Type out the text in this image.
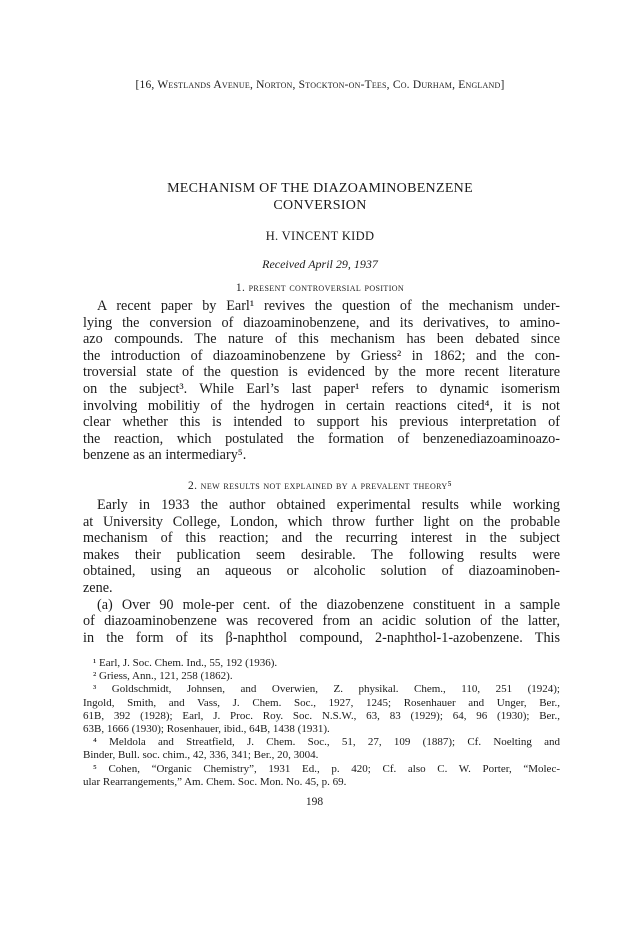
[16, Westlands Avenue, Norton, Stockton-on-Tees, Co. Durham, England]
MECHANISM OF THE DIAZOAMINOBENZENE
CONVERSION
H. VINCENT KIDD
Received April 29, 1937
1. present controversial position
A recent paper by Earl¹ revives the question of the mechanism under-
lying the conversion of diazoaminobenzene, and its derivatives, to amino-
azo compounds. The nature of this mechanism has been debated since
the introduction of diazoaminobenzene by Griess² in 1862; and the con-
troversial state of the question is evidenced by the more recent literature
on the subject³. While Earl’s last paper¹ refers to dynamic isomerism
involving mobilitiy of the hydrogen in certain reactions cited⁴, it is not
clear whether this is intended to support his previous interpretation of
the reaction, which postulated the formation of benzenediazoaminoazo-
benzene as an intermediary⁵.
2. new results not explained by a prevalent theory⁵
Early in 1933 the author obtained experimental results while working
at University College, London, which throw further light on the probable
mechanism of this reaction; and the recurring interest in the subject
makes their publication seem desirable. The following results were
obtained, using an aqueous or alcoholic solution of diazoaminoben-
zene.
(a) Over 90 mole-per cent. of the diazobenzene constituent in a sample
of diazoaminobenzene was recovered from an acidic solution of the latter,
in the form of its β-naphthol compound, 2-naphthol-1-azobenzene. This
¹ Earl, J. Soc. Chem. Ind., 55, 192 (1936).
² Griess, Ann., 121, 258 (1862).
³ Goldschmidt, Johnsen, and Overwien, Z. physikal. Chem., 110, 251 (1924);
Ingold, Smith, and Vass, J. Chem. Soc., 1927, 1245; Rosenhauer and Unger, Ber.,
61B, 392 (1928); Earl, J. Proc. Roy. Soc. N.S.W., 63, 83 (1929); 64, 96 (1930); Ber.,
63B, 1666 (1930); Rosenhauer, ibid., 64B, 1438 (1931).
⁴ Meldola and Streatfield, J. Chem. Soc., 51, 27, 109 (1887); Cf. Noelting and
Binder, Bull. soc. chim., 42, 336, 341; Ber., 20, 3004.
⁵ Cohen, “Organic Chemistry”, 1931 Ed., p. 420; Cf. also C. W. Porter, “Molec-
ular Rearrangements,” Am. Chem. Soc. Mon. No. 45, p. 69.
198
